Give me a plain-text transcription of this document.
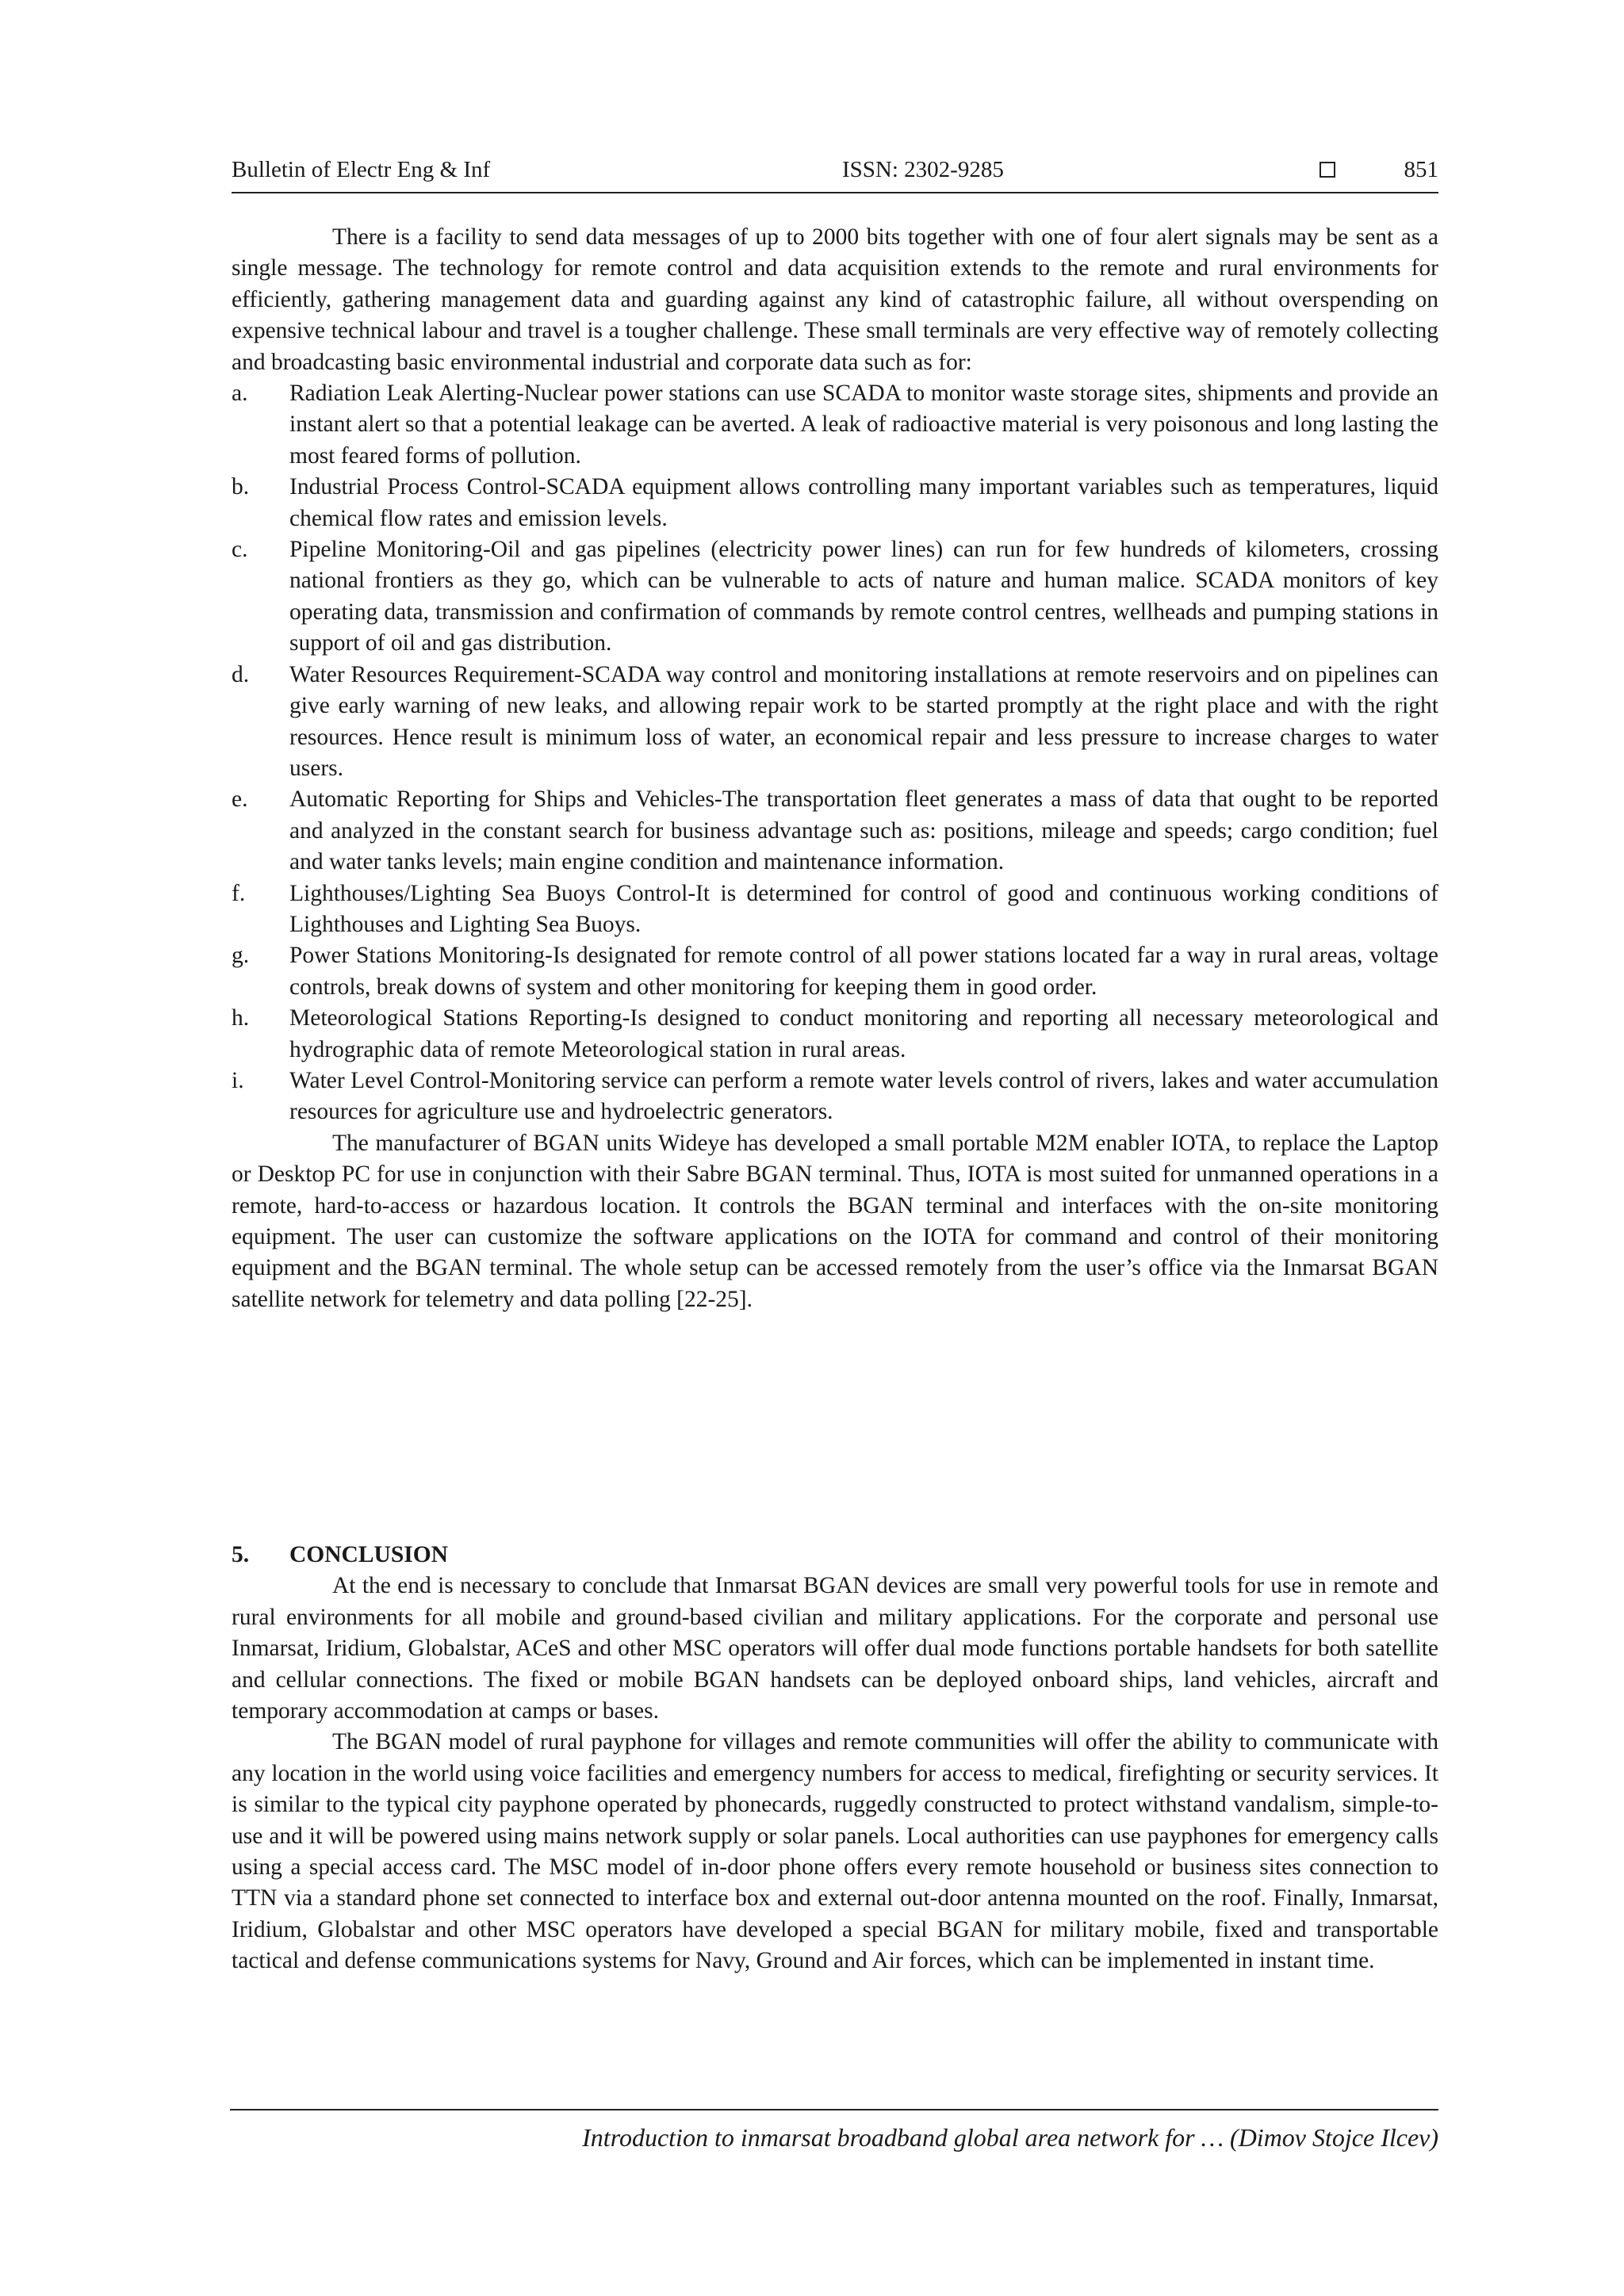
Bulletin of Electr Eng & Inf	ISSN: 2302-9285	851

There is a facility to send data messages of up to 2000 bits together with one of four alert signals may be sent as a single message. The technology for remote control and data acquisition extends to the remote and rural environments for efficiently, gathering management data and guarding against any kind of catastrophic failure, all without overspending on expensive technical labour and travel is a tougher challenge. These small terminals are very effective way of remotely collecting and broadcasting basic environmental industrial and corporate data such as for:

a. Radiation Leak Alerting-Nuclear power stations can use SCADA to monitor waste storage sites, shipments and provide an instant alert so that a potential leakage can be averted. A leak of radioactive material is very poisonous and long lasting the most feared forms of pollution.
b. Industrial Process Control-SCADA equipment allows controlling many important variables such as temperatures, liquid chemical flow rates and emission levels.
c. Pipeline Monitoring-Oil and gas pipelines (electricity power lines) can run for few hundreds of kilometers, crossing national frontiers as they go, which can be vulnerable to acts of nature and human malice. SCADA monitors of key operating data, transmission and confirmation of commands by remote control centres, wellheads and pumping stations in support of oil and gas distribution.
d. Water Resources Requirement-SCADA way control and monitoring installations at remote reservoirs and on pipelines can give early warning of new leaks, and allowing repair work to be started promptly at the right place and with the right resources. Hence result is minimum loss of water, an economical repair and less pressure to increase charges to water users.
e. Automatic Reporting for Ships and Vehicles-The transportation fleet generates a mass of data that ought to be reported and analyzed in the constant search for business advantage such as: positions, mileage and speeds; cargo condition; fuel and water tanks levels; main engine condition and maintenance information.
f. Lighthouses/Lighting Sea Buoys Control-It is determined for control of good and continuous working conditions of Lighthouses and Lighting Sea Buoys.
g. Power Stations Monitoring-Is designated for remote control of all power stations located far a way in rural areas, voltage controls, break downs of system and other monitoring for keeping them in good order.
h. Meteorological Stations Reporting-Is designed to conduct monitoring and reporting all necessary meteorological and hydrographic data of remote Meteorological station in rural areas.
i. Water Level Control-Monitoring service can perform a remote water levels control of rivers, lakes and water accumulation resources for agriculture use and hydroelectric generators.

The manufacturer of BGAN units Wideye has developed a small portable M2M enabler IOTA, to replace the Laptop or Desktop PC for use in conjunction with their Sabre BGAN terminal. Thus, IOTA is most suited for unmanned operations in a remote, hard-to-access or hazardous location. It controls the BGAN terminal and interfaces with the on-site monitoring equipment. The user can customize the software applications on the IOTA for command and control of their monitoring equipment and the BGAN terminal. The whole setup can be accessed remotely from the user’s office via the Inmarsat BGAN satellite network for telemetry and data polling [22-25].

5. CONCLUSION

At the end is necessary to conclude that Inmarsat BGAN devices are small very powerful tools for use in remote and rural environments for all mobile and ground-based civilian and military applications. For the corporate and personal use Inmarsat, Iridium, Globalstar, ACeS and other MSC operators will offer dual mode functions portable handsets for both satellite and cellular connections. The fixed or mobile BGAN handsets can be deployed onboard ships, land vehicles, aircraft and temporary accommodation at camps or bases.

The BGAN model of rural payphone for villages and remote communities will offer the ability to communicate with any location in the world using voice facilities and emergency numbers for access to medical, firefighting or security services. It is similar to the typical city payphone operated by phonecards, ruggedly constructed to protect withstand vandalism, simple-to-use and it will be powered using mains network supply or solar panels. Local authorities can use payphones for emergency calls using a special access card. The MSC model of in-door phone offers every remote household or business sites connection to TTN via a standard phone set connected to interface box and external out-door antenna mounted on the roof. Finally, Inmarsat, Iridium, Globalstar and other MSC operators have developed a special BGAN for military mobile, fixed and transportable tactical and defense communications systems for Navy, Ground and Air forces, which can be implemented in instant time.

Introduction to inmarsat broadband global area network for … (Dimov Stojce Ilcev)
